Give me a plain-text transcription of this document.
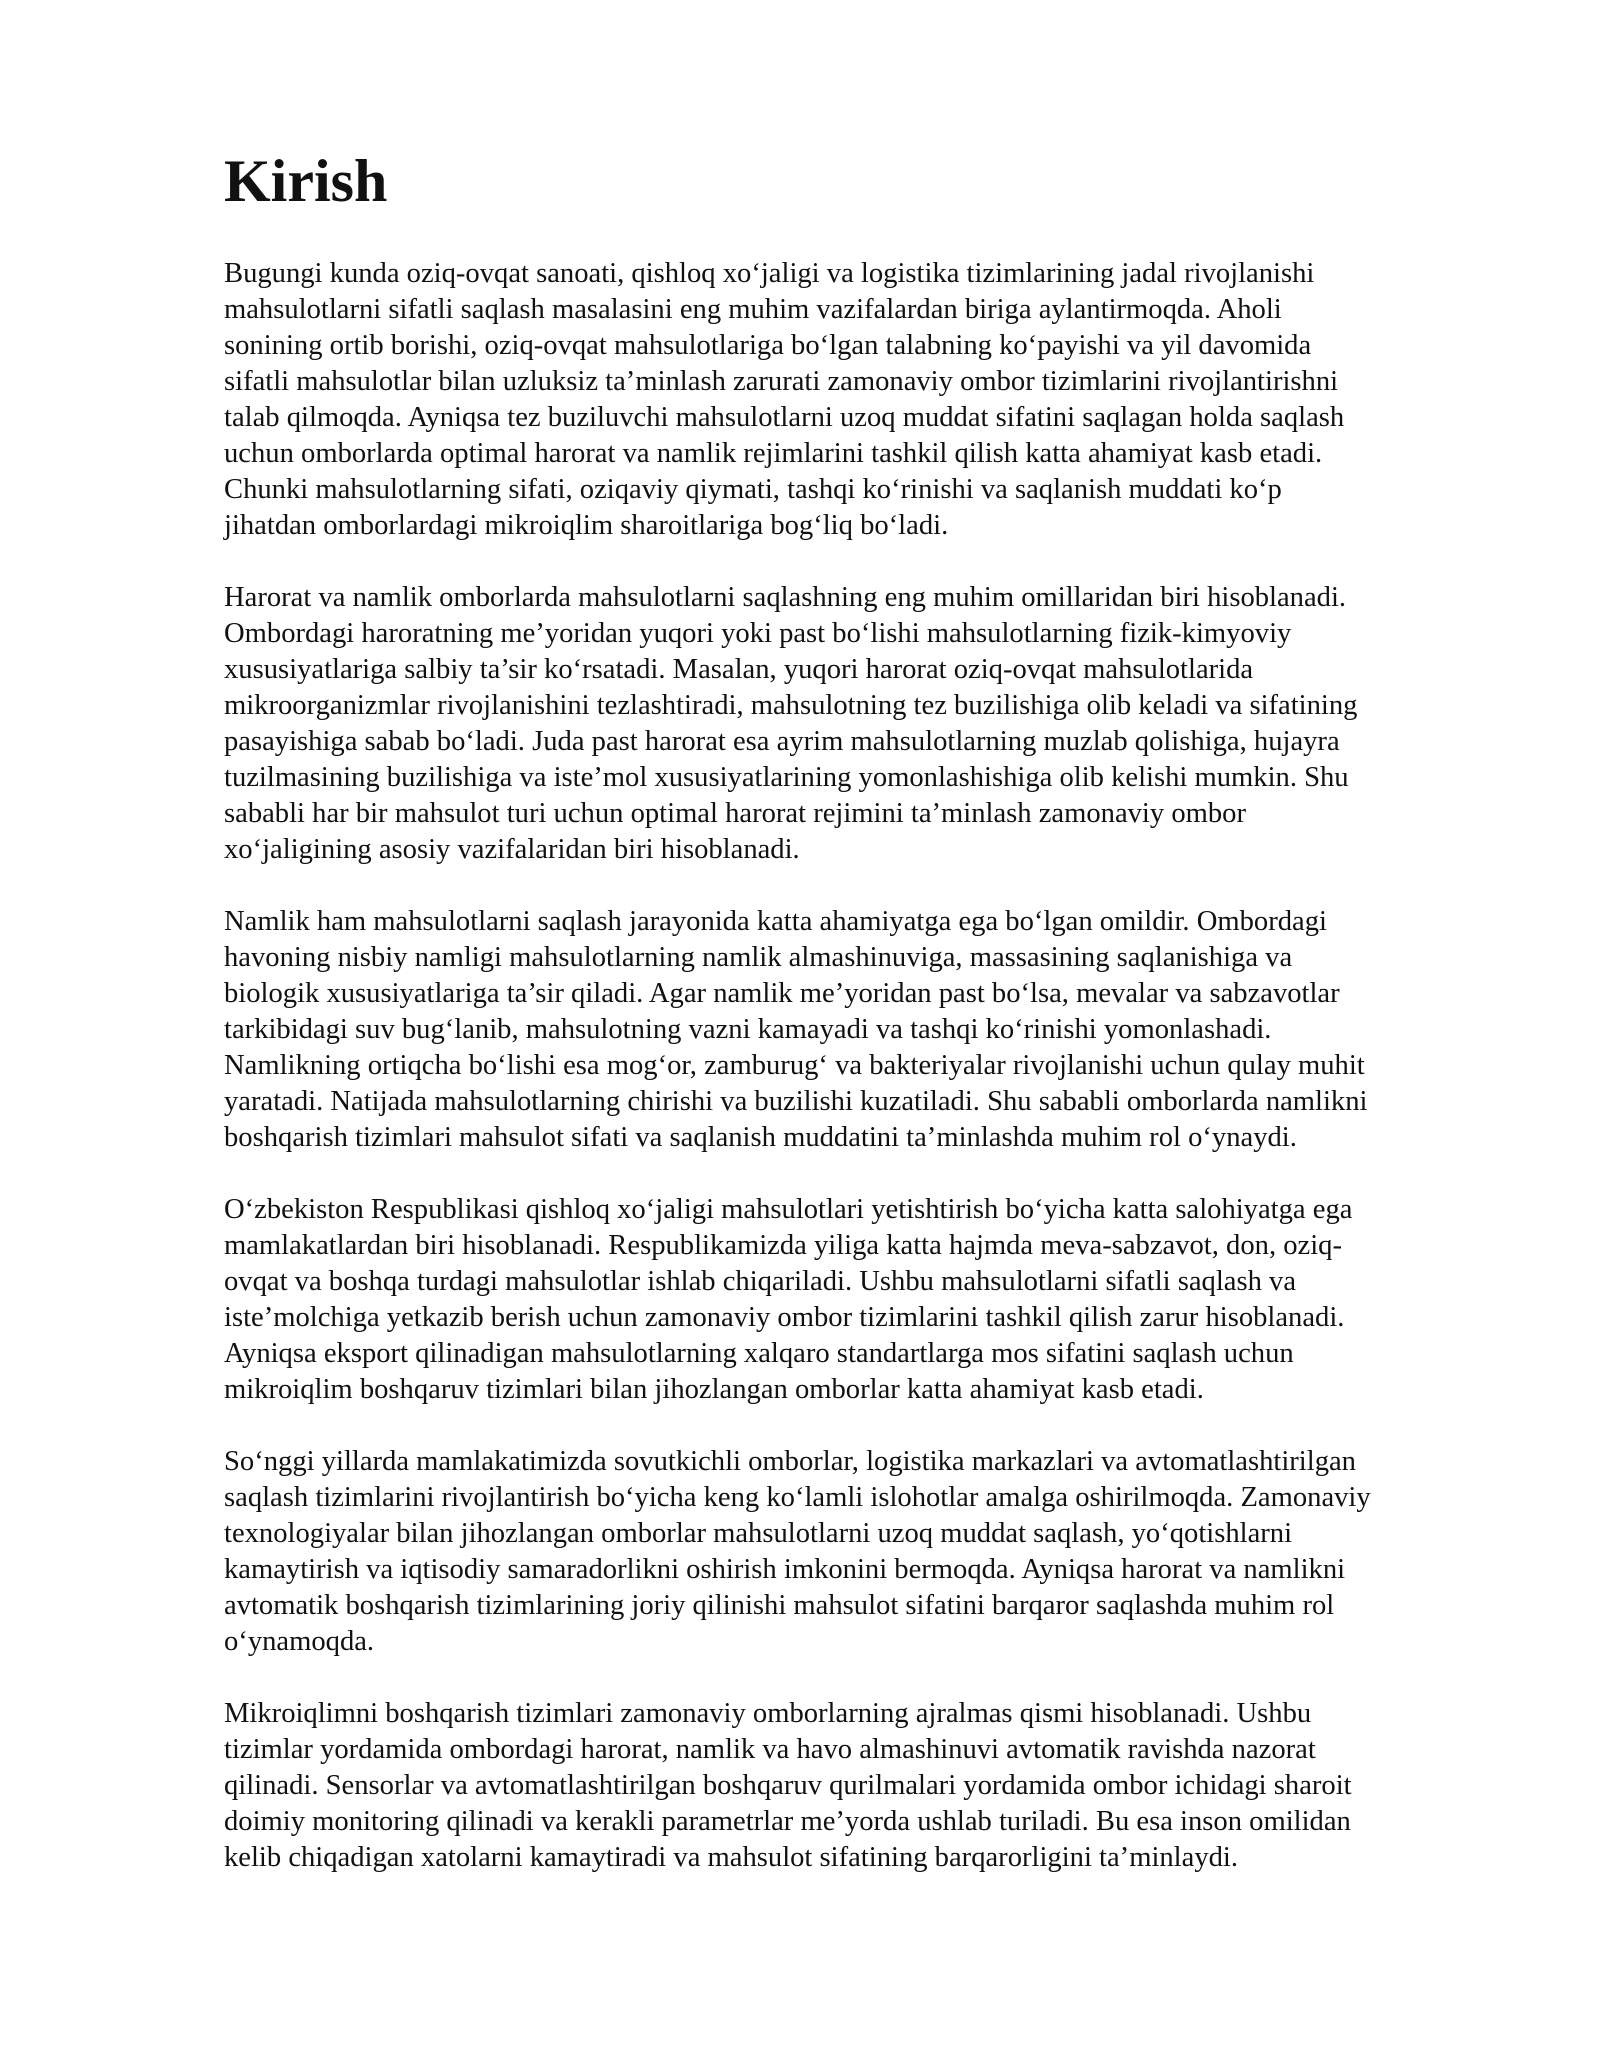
Kirish

Bugungi kunda oziq-ovqat sanoati, qishloq xo‘jaligi va logistika tizimlarining jadal rivojlanishi
mahsulotlarni sifatli saqlash masalasini eng muhim vazifalardan biriga aylantirmoqda. Aholi
sonining ortib borishi, oziq-ovqat mahsulotlariga bo‘lgan talabning ko‘payishi va yil davomida
sifatli mahsulotlar bilan uzluksiz ta’minlash zarurati zamonaviy ombor tizimlarini rivojlantirishni
talab qilmoqda. Ayniqsa tez buziluvchi mahsulotlarni uzoq muddat sifatini saqlagan holda saqlash
uchun omborlarda optimal harorat va namlik rejimlarini tashkil qilish katta ahamiyat kasb etadi.
Chunki mahsulotlarning sifati, oziqaviy qiymati, tashqi ko‘rinishi va saqlanish muddati ko‘p
jihatdan omborlardagi mikroiqlim sharoitlariga bog‘liq bo‘ladi.

Harorat va namlik omborlarda mahsulotlarni saqlashning eng muhim omillaridan biri hisoblanadi.
Ombordagi haroratning me’yoridan yuqori yoki past bo‘lishi mahsulotlarning fizik-kimyoviy
xususiyatlariga salbiy ta’sir ko‘rsatadi. Masalan, yuqori harorat oziq-ovqat mahsulotlarida
mikroorganizmlar rivojlanishini tezlashtiradi, mahsulotning tez buzilishiga olib keladi va sifatining
pasayishiga sabab bo‘ladi. Juda past harorat esa ayrim mahsulotlarning muzlab qolishiga, hujayra
tuzilmasining buzilishiga va iste’mol xususiyatlarining yomonlashishiga olib kelishi mumkin. Shu
sababli har bir mahsulot turi uchun optimal harorat rejimini ta’minlash zamonaviy ombor
xo‘jaligining asosiy vazifalaridan biri hisoblanadi.

Namlik ham mahsulotlarni saqlash jarayonida katta ahamiyatga ega bo‘lgan omildir. Ombordagi
havoning nisbiy namligi mahsulotlarning namlik almashinuviga, massasining saqlanishiga va
biologik xususiyatlariga ta’sir qiladi. Agar namlik me’yoridan past bo‘lsa, mevalar va sabzavotlar
tarkibidagi suv bug‘lanib, mahsulotning vazni kamayadi va tashqi ko‘rinishi yomonlashadi.
Namlikning ortiqcha bo‘lishi esa mog‘or, zamburug‘ va bakteriyalar rivojlanishi uchun qulay muhit
yaratadi. Natijada mahsulotlarning chirishi va buzilishi kuzatiladi. Shu sababli omborlarda namlikni
boshqarish tizimlari mahsulot sifati va saqlanish muddatini ta’minlashda muhim rol o‘ynaydi.

O‘zbekiston Respublikasi qishloq xo‘jaligi mahsulotlari yetishtirish bo‘yicha katta salohiyatga ega
mamlakatlardan biri hisoblanadi. Respublikamizda yiliga katta hajmda meva-sabzavot, don, oziq-
ovqat va boshqa turdagi mahsulotlar ishlab chiqariladi. Ushbu mahsulotlarni sifatli saqlash va
iste’molchiga yetkazib berish uchun zamonaviy ombor tizimlarini tashkil qilish zarur hisoblanadi.
Ayniqsa eksport qilinadigan mahsulotlarning xalqaro standartlarga mos sifatini saqlash uchun
mikroiqlim boshqaruv tizimlari bilan jihozlangan omborlar katta ahamiyat kasb etadi.

So‘nggi yillarda mamlakatimizda sovutkichli omborlar, logistika markazlari va avtomatlashtirilgan
saqlash tizimlarini rivojlantirish bo‘yicha keng ko‘lamli islohotlar amalga oshirilmoqda. Zamonaviy
texnologiyalar bilan jihozlangan omborlar mahsulotlarni uzoq muddat saqlash, yo‘qotishlarni
kamaytirish va iqtisodiy samaradorlikni oshirish imkonini bermoqda. Ayniqsa harorat va namlikni
avtomatik boshqarish tizimlarining joriy qilinishi mahsulot sifatini barqaror saqlashda muhim rol
o‘ynamoqda.

Mikroiqlimni boshqarish tizimlari zamonaviy omborlarning ajralmas qismi hisoblanadi. Ushbu
tizimlar yordamida ombordagi harorat, namlik va havo almashinuvi avtomatik ravishda nazorat
qilinadi. Sensorlar va avtomatlashtirilgan boshqaruv qurilmalari yordamida ombor ichidagi sharoit
doimiy monitoring qilinadi va kerakli parametrlar me’yorda ushlab turiladi. Bu esa inson omilidan
kelib chiqadigan xatolarni kamaytiradi va mahsulot sifatining barqarorligini ta’minlaydi.
